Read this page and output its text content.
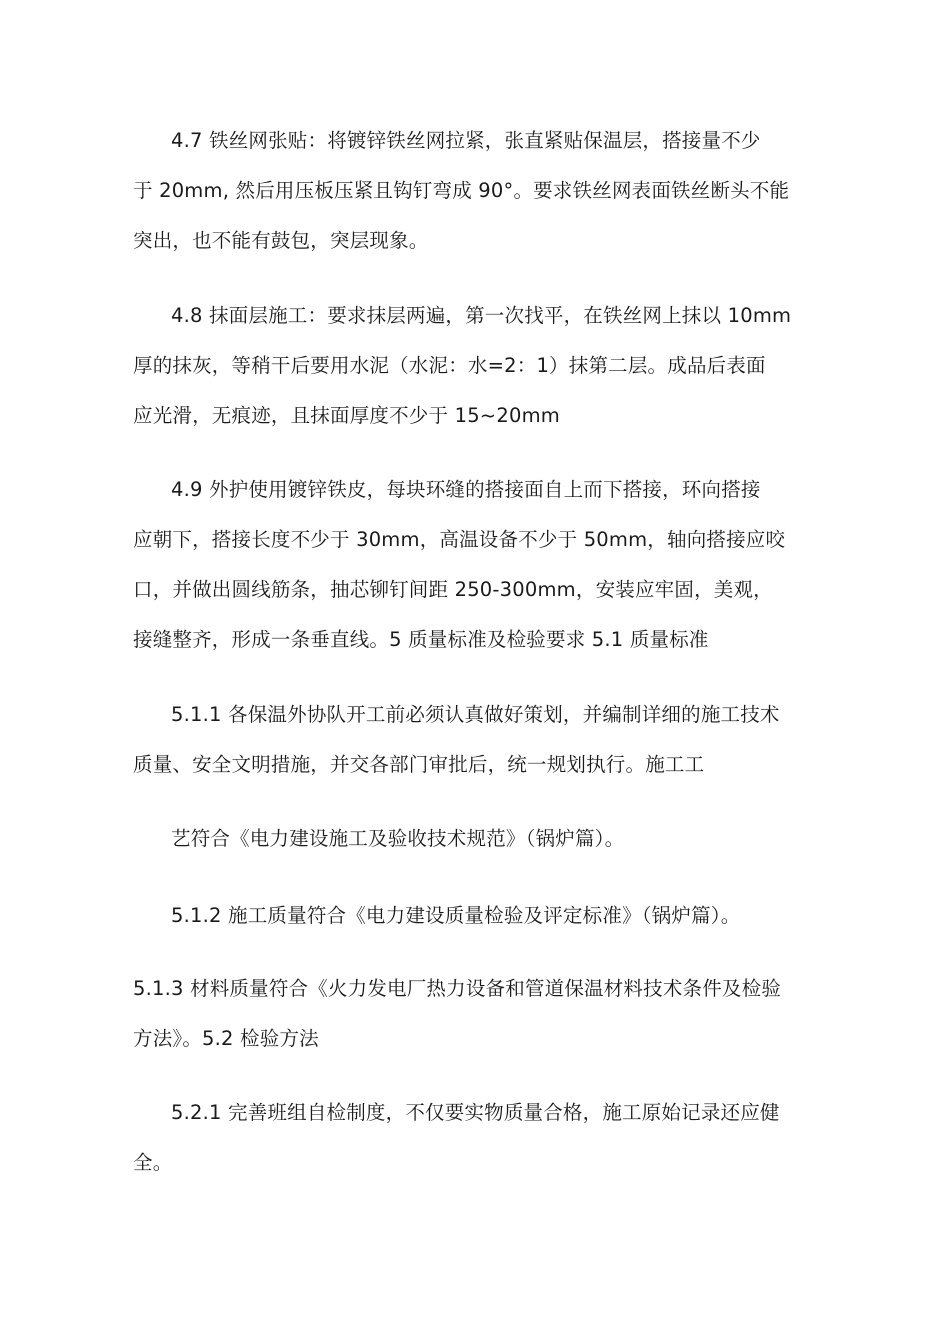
4.7 铁丝网张贴：将镀锌铁丝网拉紧，张直紧贴保温层，搭接量不少
于 20mm, 然后用压板压紧且钩钉弯成 90°。要求铁丝网表面铁丝断头不能
突出，也不能有鼓包，突层现象。
4.8 抹面层施工：要求抹层两遍，第一次找平，在铁丝网上抹以 10mm
厚的抹灰，等稍干后要用水泥（水泥：水=2：1）抹第二层。成品后表面
应光滑，无痕迹，且抹面厚度不少于 15~20mm
4.9 外护使用镀锌铁皮，每块环缝的搭接面自上而下搭接，环向搭接
应朝下，搭接长度不少于 30mm，高温设备不少于 50mm，轴向搭接应咬
口，并做出圆线筋条，抽芯铆钉间距 250-300mm，安装应牢固，美观，
接缝整齐，形成一条垂直线。5 质量标准及检验要求 5.1 质量标准
5.1.1 各保温外协队开工前必须认真做好策划，并编制详细的施工技术
质量、安全文明措施，并交各部门审批后，统一规划执行。施工工
艺符合《电力建设施工及验收技术规范》（锅炉篇）。
5.1.2 施工质量符合《电力建设质量检验及评定标准》（锅炉篇）。
5.1.3 材料质量符合《火力发电厂热力设备和管道保温材料技术条件及检验
方法》。5.2 检验方法
5.2.1 完善班组自检制度，不仅要实物质量合格，施工原始记录还应健
全。
